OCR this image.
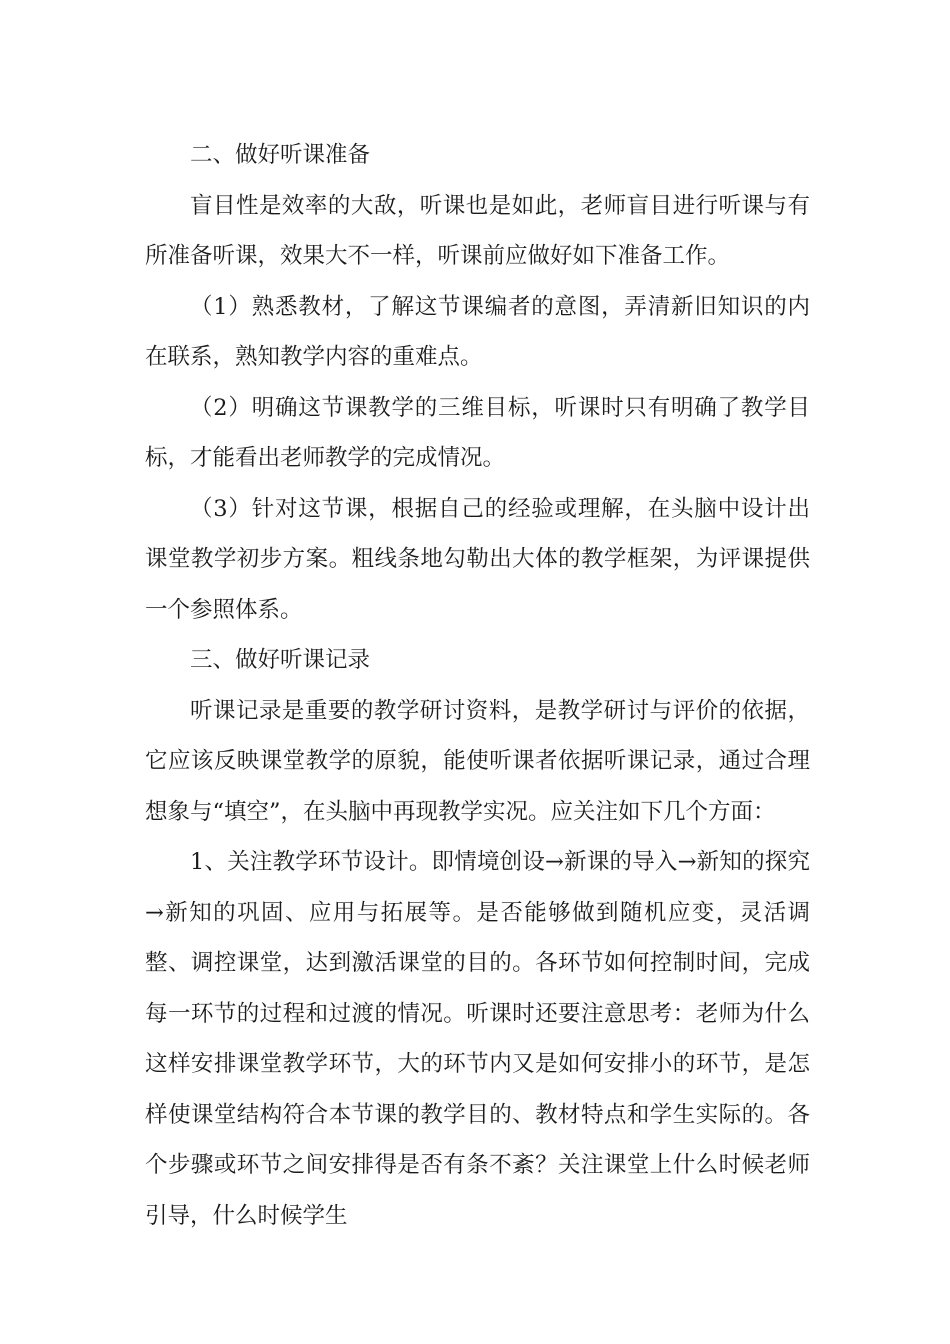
二、做好听课准备

盲目性是效率的大敌，听课也是如此，老师盲目进行听课与有所准备听课，效果大不一样，听课前应做好如下准备工作。

（1）熟悉教材，了解这节课编者的意图，弄清新旧知识的内在联系，熟知教学内容的重难点。

（2）明确这节课教学的三维目标，听课时只有明确了教学目标，才能看出老师教学的完成情况。

（3）针对这节课，根据自己的经验或理解，在头脑中设计出课堂教学初步方案。粗线条地勾勒出大体的教学框架，为评课提供一个参照体系。

三、做好听课记录

听课记录是重要的教学研讨资料，是教学研讨与评价的依据，它应该反映课堂教学的原貌，能使听课者依据听课记录，通过合理想象与“填空”，在头脑中再现教学实况。应关注如下几个方面：

1、关注教学环节设计。即情境创设→新课的导入→新知的探究→新知的巩固、应用与拓展等。是否能够做到随机应变，灵活调整、调控课堂，达到激活课堂的目的。各环节如何控制时间，完成每一环节的过程和过渡的情况。听课时还要注意思考：老师为什么这样安排课堂教学环节，大的环节内又是如何安排小的环节，是怎样使课堂结构符合本节课的教学目的、教材特点和学生实际的。各个步骤或环节之间安排得是否有条不紊？关注课堂上什么时候老师引导，什么时候学生
